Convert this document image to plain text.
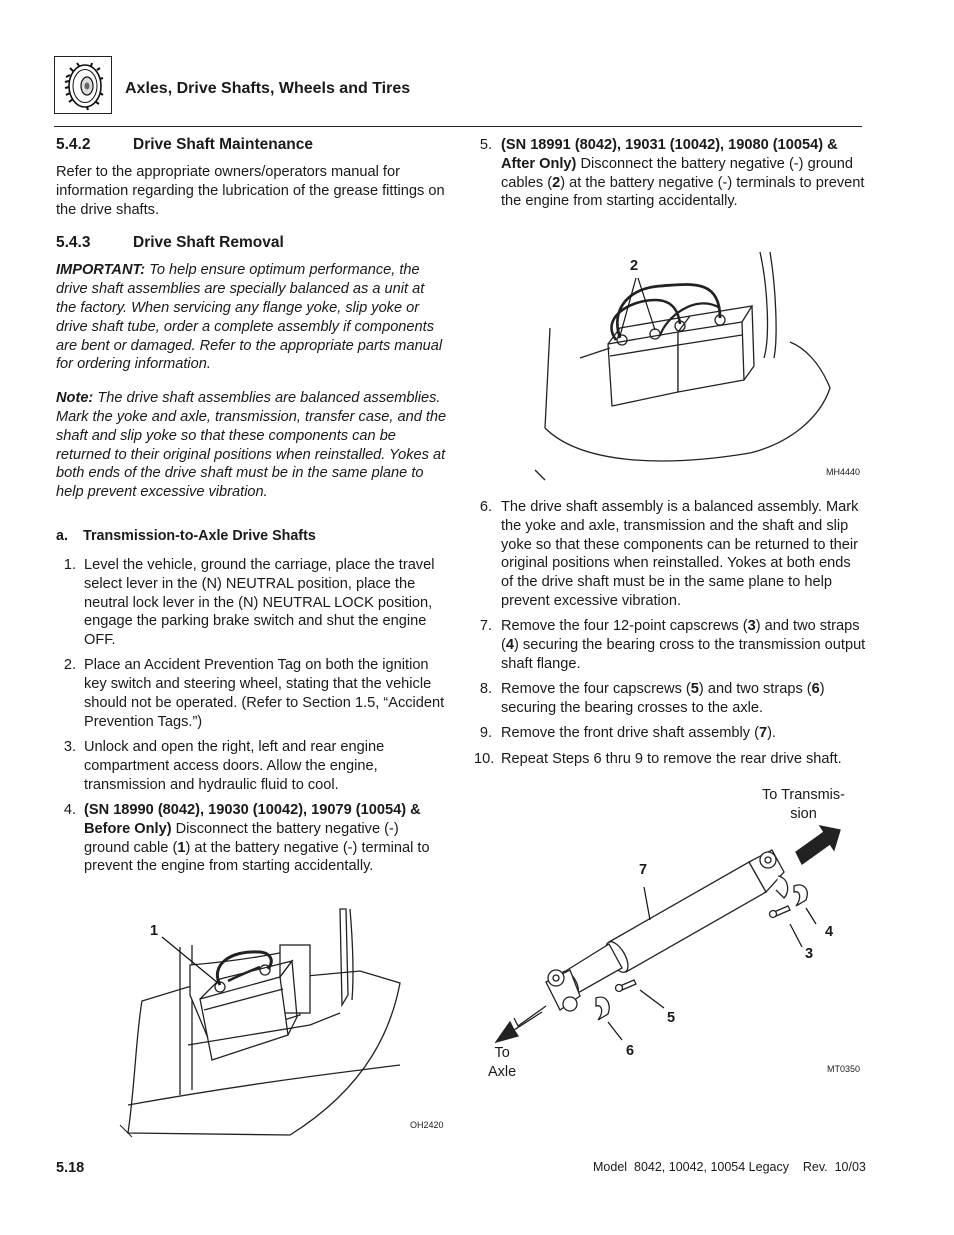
Axles, Drive Shafts, Wheels and Tires
5.4.2	Drive Shaft Maintenance

Refer to the appropriate owners/operators manual for information regarding the lubrication of the grease fittings on the drive shafts.

5.4.3	Drive Shaft Removal

IMPORTANT: To help ensure optimum performance, the drive shaft assemblies are specially balanced as a unit at the factory. When servicing any flange yoke, slip yoke or drive shaft tube, order a complete assembly if components are bent or damaged. Refer to the appropriate parts manual for ordering information.

Note: The drive shaft assemblies are balanced assemblies. Mark the yoke and axle, transmission, transfer case, and the shaft and slip yoke so that these components can be returned to their original positions when reinstalled. Yokes at both ends of the drive shaft must be in the same plane to help prevent excessive vibration.

a. Transmission-to-Axle Drive Shafts
1. Level the vehicle, ground the carriage, place the travel select lever in the (N) NEUTRAL position, place the neutral lock lever in the (N) NEUTRAL LOCK position, engage the parking brake switch and shut the engine OFF.
2. Place an Accident Prevention Tag on both the ignition key switch and steering wheel, stating that the vehicle should not be operated. (Refer to Section 1.5, “Accident Prevention Tags.”)
3. Unlock and open the right, left and rear engine compartment access doors. Allow the engine, transmission and hydraulic fluid to cool.
4. (SN 18990 (8042), 19030 (10042), 19079 (10054) & Before Only) Disconnect the battery negative (-) ground cable (1) at the battery negative (-) terminal to prevent the engine from starting accidentally.
1
OH2420
5. (SN 18991 (8042), 19031 (10042), 19080 (10054) & After Only) Disconnect the battery negative (-) ground cables (2) at the battery negative (-) terminals to prevent the engine from starting accidentally.
2
MH4440
6. The drive shaft assembly is a balanced assembly. Mark the yoke and axle, transmission and the shaft and slip yoke so that these components can be returned to their original positions when reinstalled. Yokes at both ends of the drive shaft must be in the same plane to help prevent excessive vibration.
7. Remove the four 12-point capscrews (3) and two straps (4) securing the bearing cross to the transmission output shaft flange.
8. Remove the four capscrews (5) and two straps (6) securing the bearing crosses to the axle.
9. Remove the front drive shaft assembly (7).
10. Repeat Steps 6 thru 9 to remove the rear drive shaft.
To Transmis-
sion
To
Axle
7
4
3
5
6
MT0350
5.18	Model  8042, 10042, 10054 Legacy    Rev.  10/03
